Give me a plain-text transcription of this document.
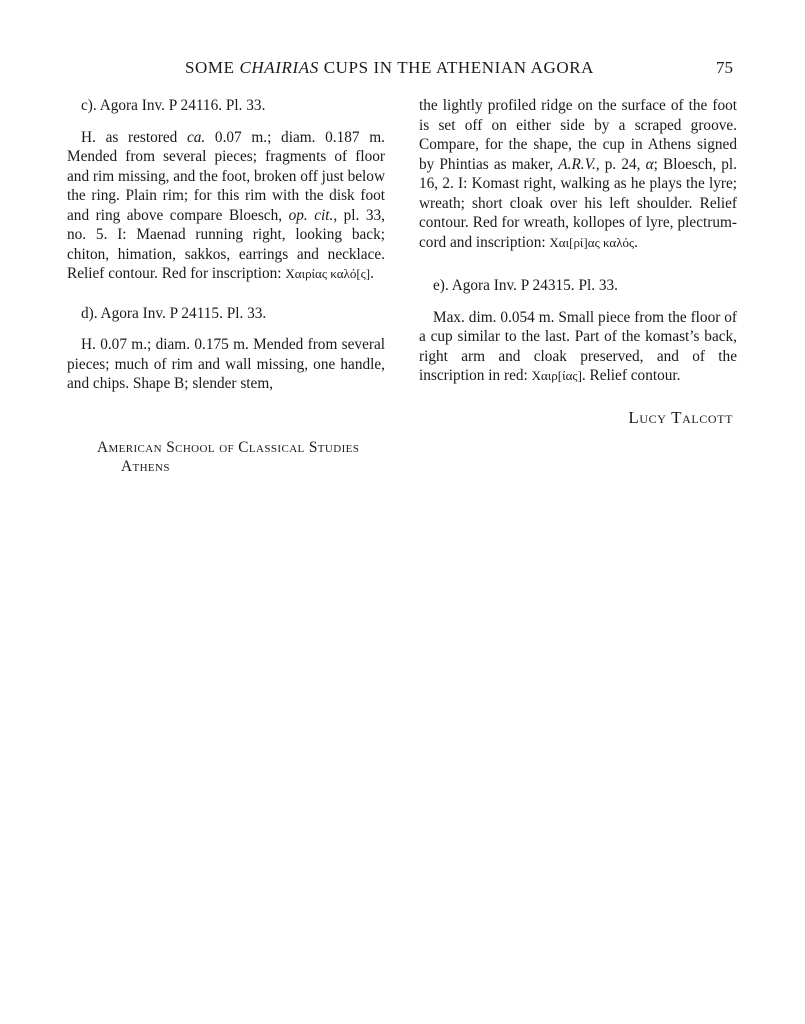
SOME CHAIRIAS CUPS IN THE ATHENIAN AGORA	75

c). Agora Inv. P 24116. Pl. 33.

H. as restored ca. 0.07 m.; diam. 0.187 m. Mended from several pieces; fragments of floor and rim missing, and the foot, broken off just below the ring. Plain rim; for this rim with the disk foot and ring above compare Bloesch, op. cit., pl. 33, no. 5. I: Maenad running right, looking back; chiton, himation, sakkos, earrings and necklace. Relief contour. Red for inscription: Χαιρίας καλό[ς].

d). Agora Inv. P 24115. Pl. 33.

H. 0.07 m.; diam. 0.175 m. Mended from several pieces; much of rim and wall missing, one handle, and chips. Shape B; slender stem,

the lightly profiled ridge on the surface of the foot is set off on either side by a scraped groove. Compare, for the shape, the cup in Athens signed by Phintias as maker, A.R.V., p. 24, α; Bloesch, pl. 16, 2. I: Komast right, walking as he plays the lyre; wreath; short cloak over his left shoulder. Relief contour. Red for wreath, kollopes of lyre, plectrum-cord and inscription: Χαι[ρί]ας καλός.

e). Agora Inv. P 24315. Pl. 33.

Max. dim. 0.054 m. Small piece from the floor of a cup similar to the last. Part of the komast’s back, right arm and cloak preserved, and of the inscription in red: Χαιρ[ίας]. Relief contour.

Lucy Talcott
American School of Classical Studies
Athens
